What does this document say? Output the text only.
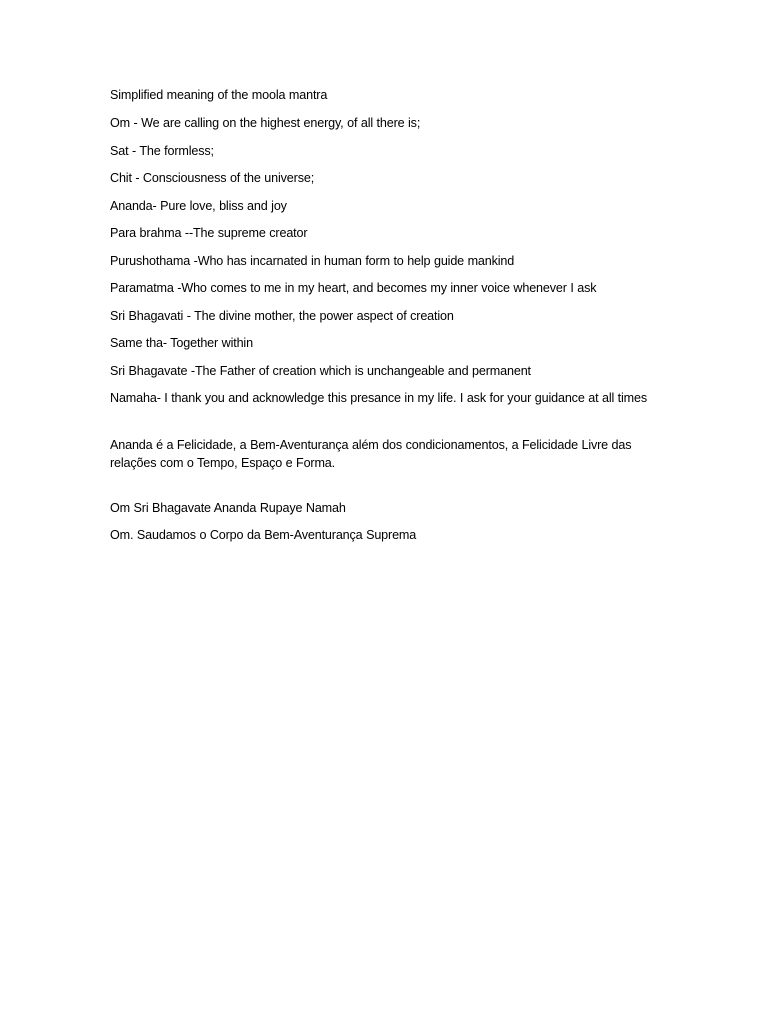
Simplified meaning of the moola mantra

Om - We are calling on the highest energy, of all there is;

Sat - The formless;

Chit - Consciousness of the universe;

Ananda- Pure love, bliss and joy

Para brahma --The supreme creator

Purushothama -Who has incarnated in human form to help guide mankind

Paramatma -Who comes to me in my heart, and becomes my inner voice whenever I ask

Sri Bhagavati - The divine mother, the power aspect of creation

Same tha- Together within

Sri Bhagavate -The Father of creation which is unchangeable and permanent

Namaha- I thank you and acknowledge this presance in my life. I ask for your guidance at all times

Ananda é a Felicidade, a Bem-Aventurança além dos condicionamentos, a Felicidade Livre das relações com o Tempo, Espaço e Forma.

Om Sri Bhagavate Ananda Rupaye Namah

Om. Saudamos o Corpo da Bem-Aventurança Suprema
